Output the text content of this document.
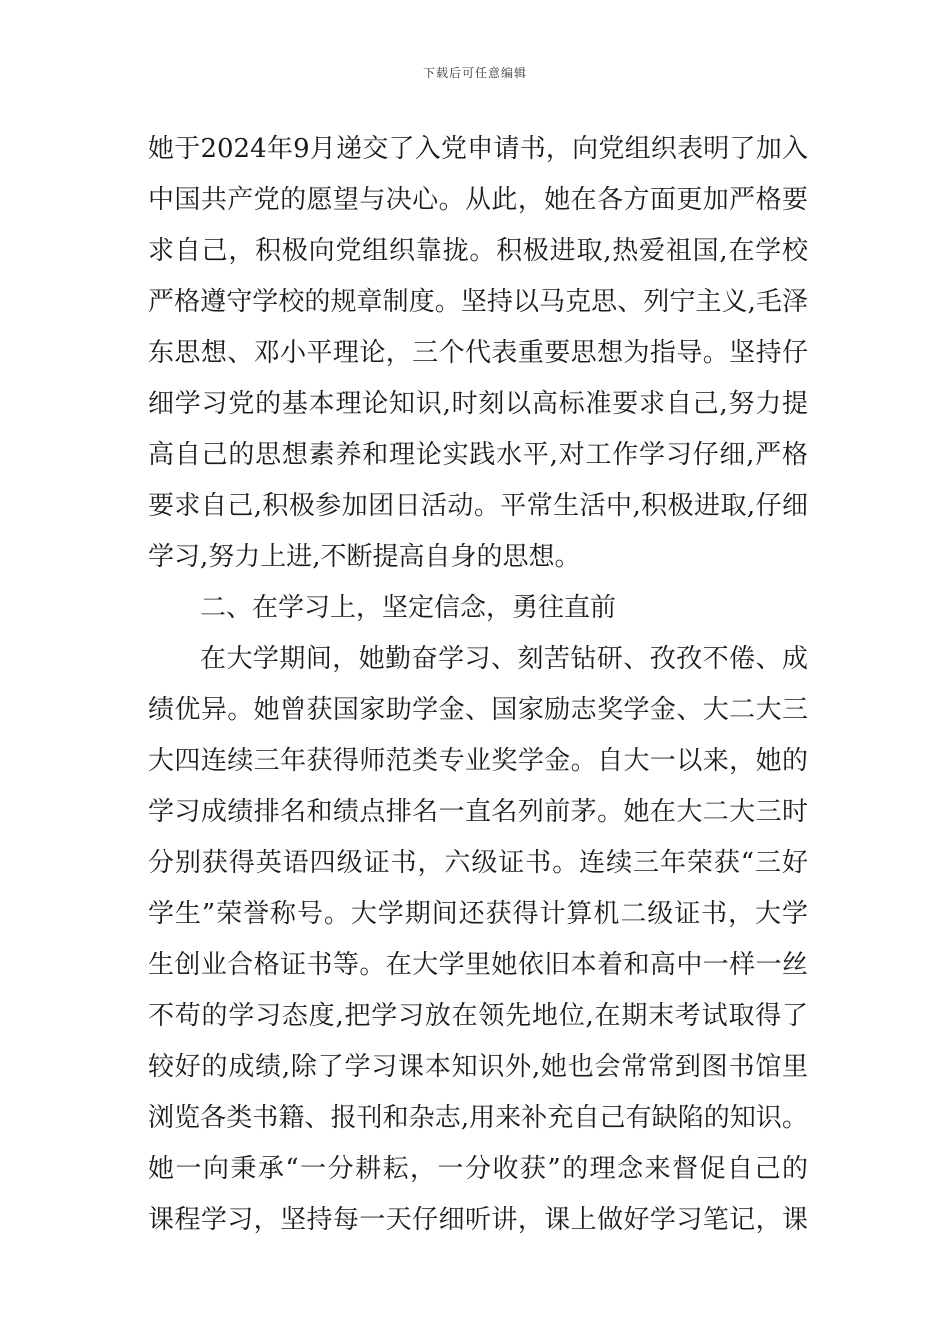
下载后可任意编辑
她于2024年9月递交了入党申请书，向党组织表明了加入
中国共产党的愿望与决心。从此，她在各方面更加严格要
求自己，积极向党组织靠拢。积极进取,热爱祖国,在学校
严格遵守学校的规章制度。坚持以马克思、列宁主义,毛泽
东思想、邓小平理论，三个代表重要思想为指导。坚持仔
细学习党的基本理论知识,时刻以高标准要求自己,努力提
高自己的思想素养和理论实践水平,对工作学习仔细,严格
要求自己,积极参加团日活动。平常生活中,积极进取,仔细
学习,努力上进,不断提高自身的思想。
二、在学习上，坚定信念，勇往直前
在大学期间，她勤奋学习、刻苦钻研、孜孜不倦、成
绩优异。她曾获国家助学金、国家励志奖学金、大二大三
大四连续三年获得师范类专业奖学金。自大一以来，她的
学习成绩排名和绩点排名一直名列前茅。她在大二大三时
分别获得英语四级证书，六级证书。连续三年荣获“三好
学生”荣誉称号。大学期间还获得计算机二级证书，大学
生创业合格证书等。在大学里她依旧本着和高中一样一丝
不苟的学习态度,把学习放在领先地位,在期末考试取得了
较好的成绩,除了学习课本知识外,她也会常常到图书馆里
浏览各类书籍、报刊和杂志,用来补充自己有缺陷的知识。
她一向秉承“一分耕耘，一分收获”的理念来督促自己的
课程学习，坚持每一天仔细听讲，课上做好学习笔记，课
